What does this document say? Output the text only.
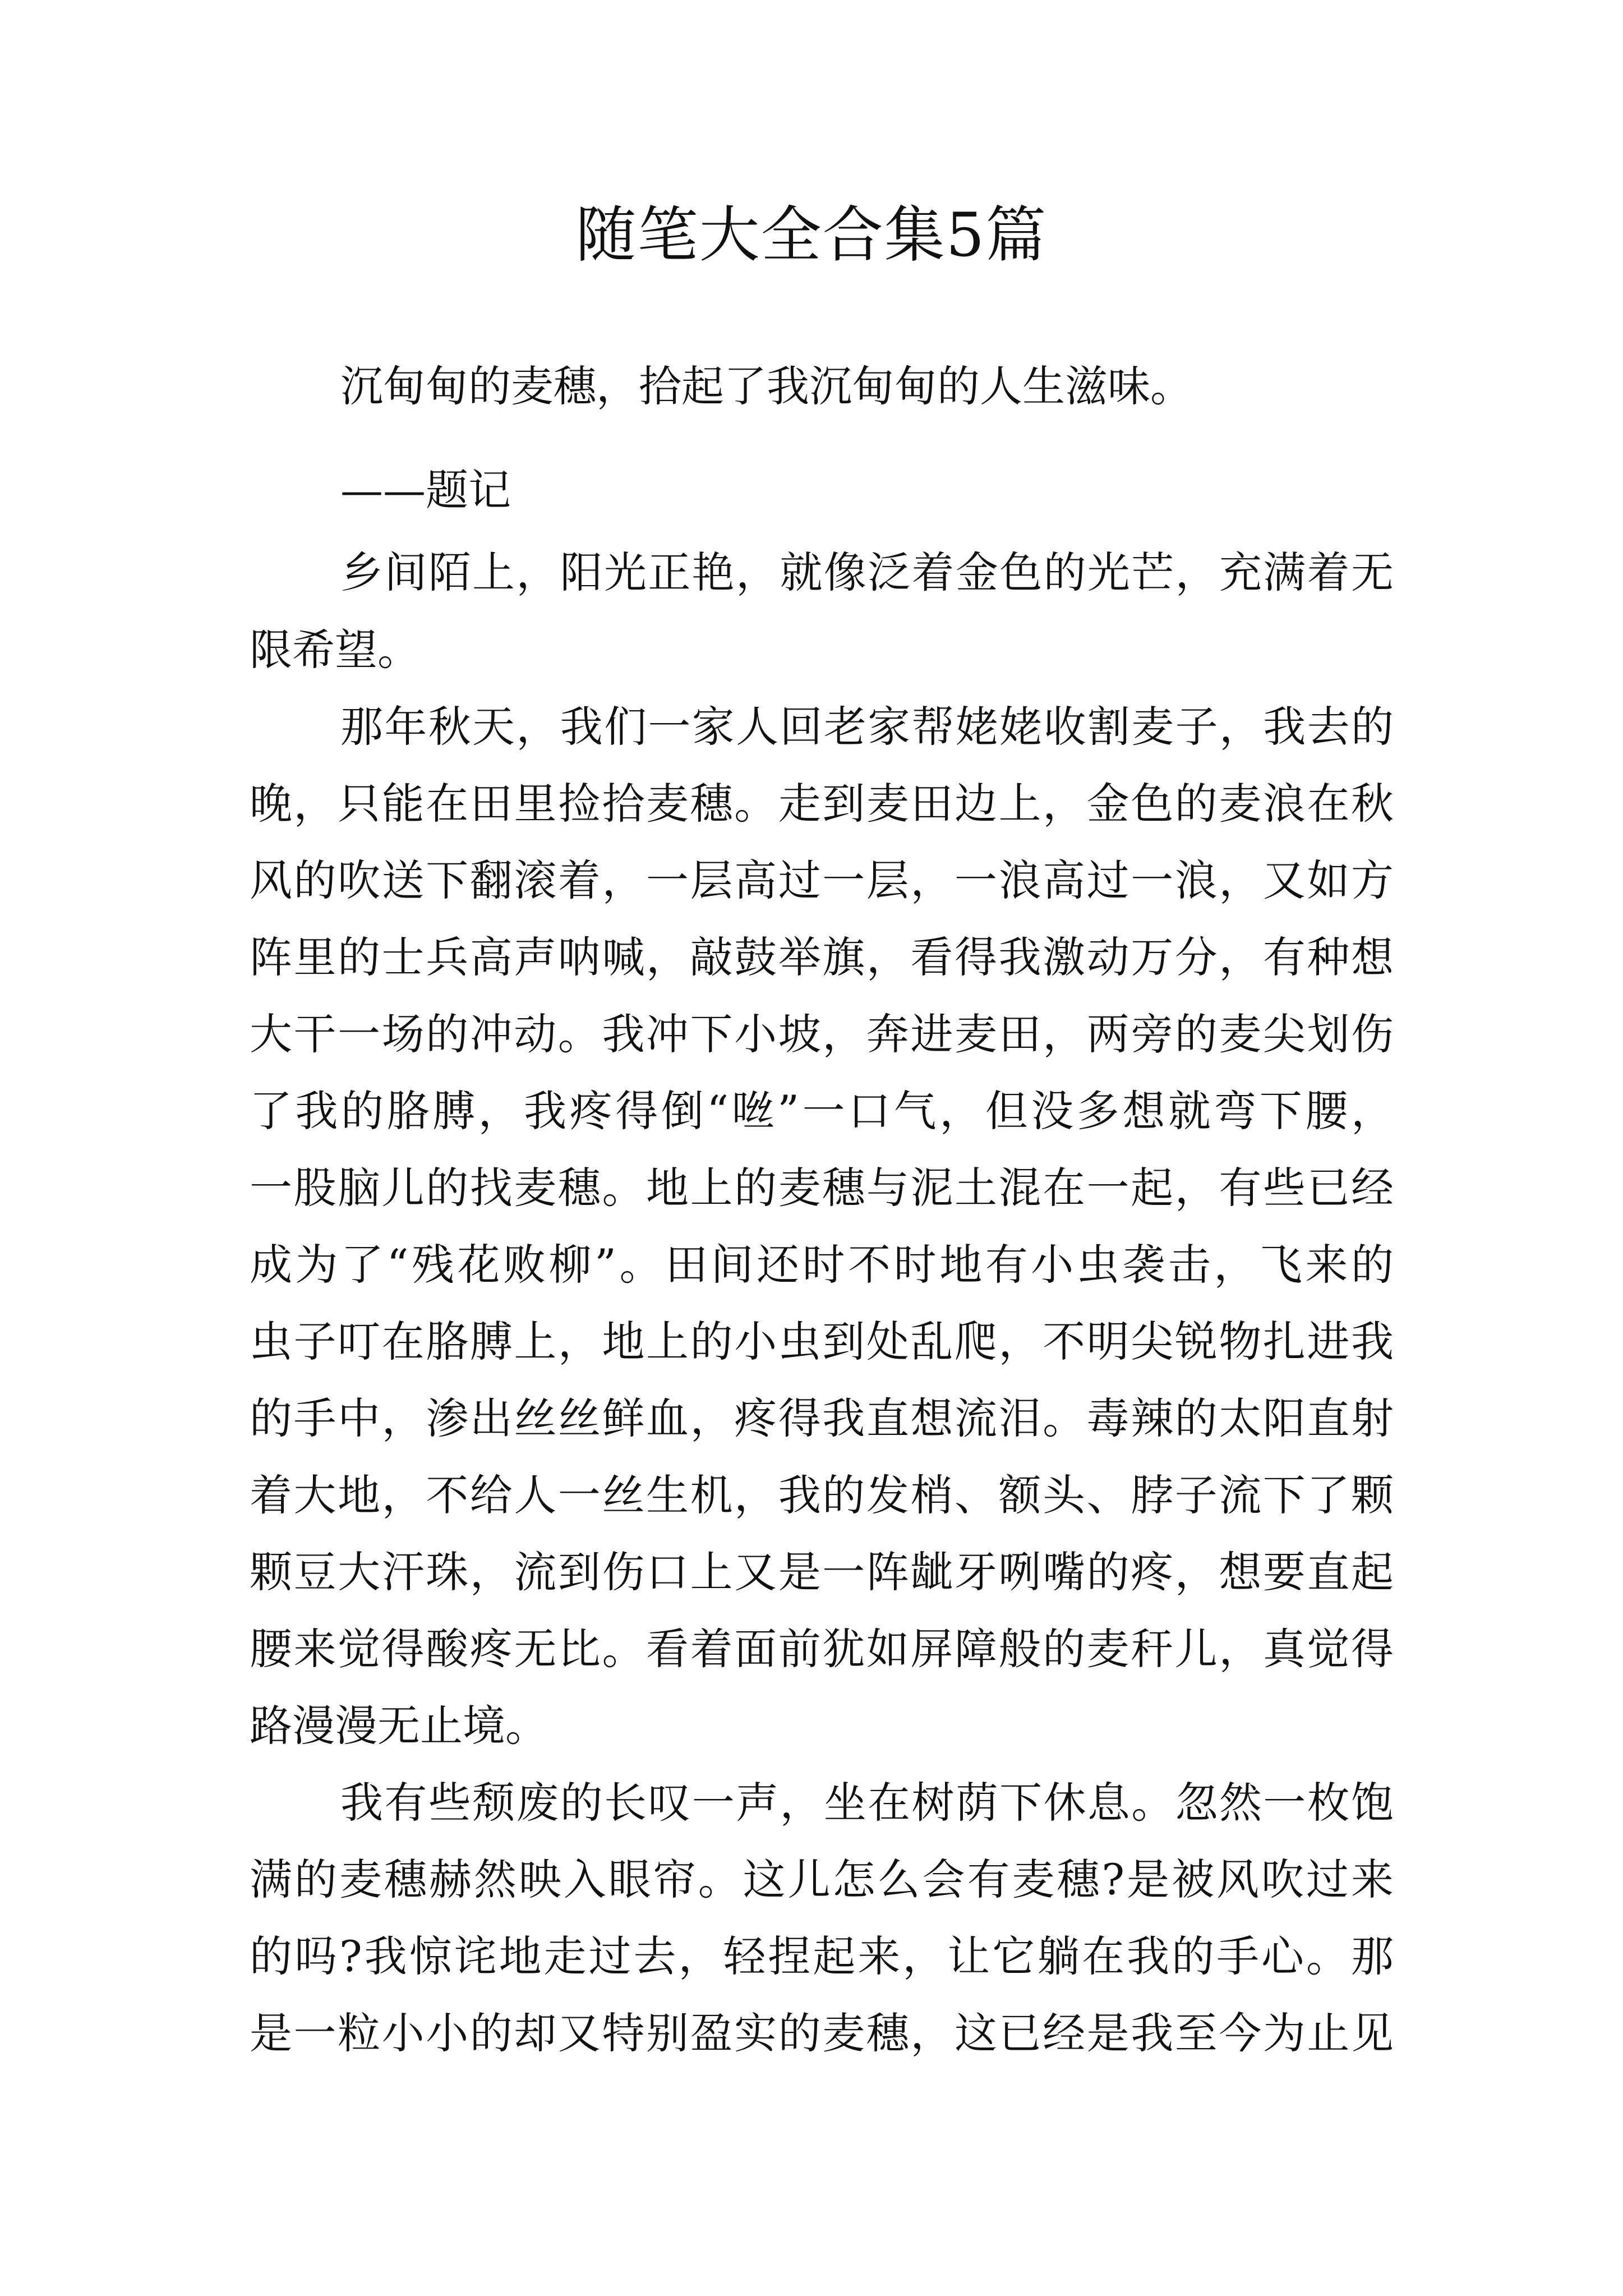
随笔大全合集5篇
沉甸甸的麦穗，拾起了我沉甸甸的人生滋味。
——题记
乡间陌上，阳光正艳，就像泛着金色的光芒，充满着无
限希望。
那年秋天，我们一家人回老家帮姥姥收割麦子，我去的
晚，只能在田里捡拾麦穗。走到麦田边上，金色的麦浪在秋
风的吹送下翻滚着，一层高过一层，一浪高过一浪，又如方
阵里的士兵高声呐喊，敲鼓举旗，看得我激动万分，有种想
大干一场的冲动。我冲下小坡，奔进麦田，两旁的麦尖划伤
了我的胳膊，我疼得倒“咝”一口气，但没多想就弯下腰，
一股脑儿的找麦穗。地上的麦穗与泥土混在一起，有些已经
成为了“残花败柳”。田间还时不时地有小虫袭击，飞来的
虫子叮在胳膊上，地上的小虫到处乱爬，不明尖锐物扎进我
的手中，渗出丝丝鲜血，疼得我直想流泪。毒辣的太阳直射
着大地，不给人一丝生机，我的发梢、额头、脖子流下了颗
颗豆大汗珠，流到伤口上又是一阵龇牙咧嘴的疼，想要直起
腰来觉得酸疼无比。看着面前犹如屏障般的麦秆儿，真觉得
路漫漫无止境。
我有些颓废的长叹一声，坐在树荫下休息。忽然一枚饱
满的麦穗赫然映入眼帘。这儿怎么会有麦穗?是被风吹过来
的吗?我惊诧地走过去，轻捏起来，让它躺在我的手心。那
是一粒小小的却又特别盈实的麦穗，这已经是我至今为止见
